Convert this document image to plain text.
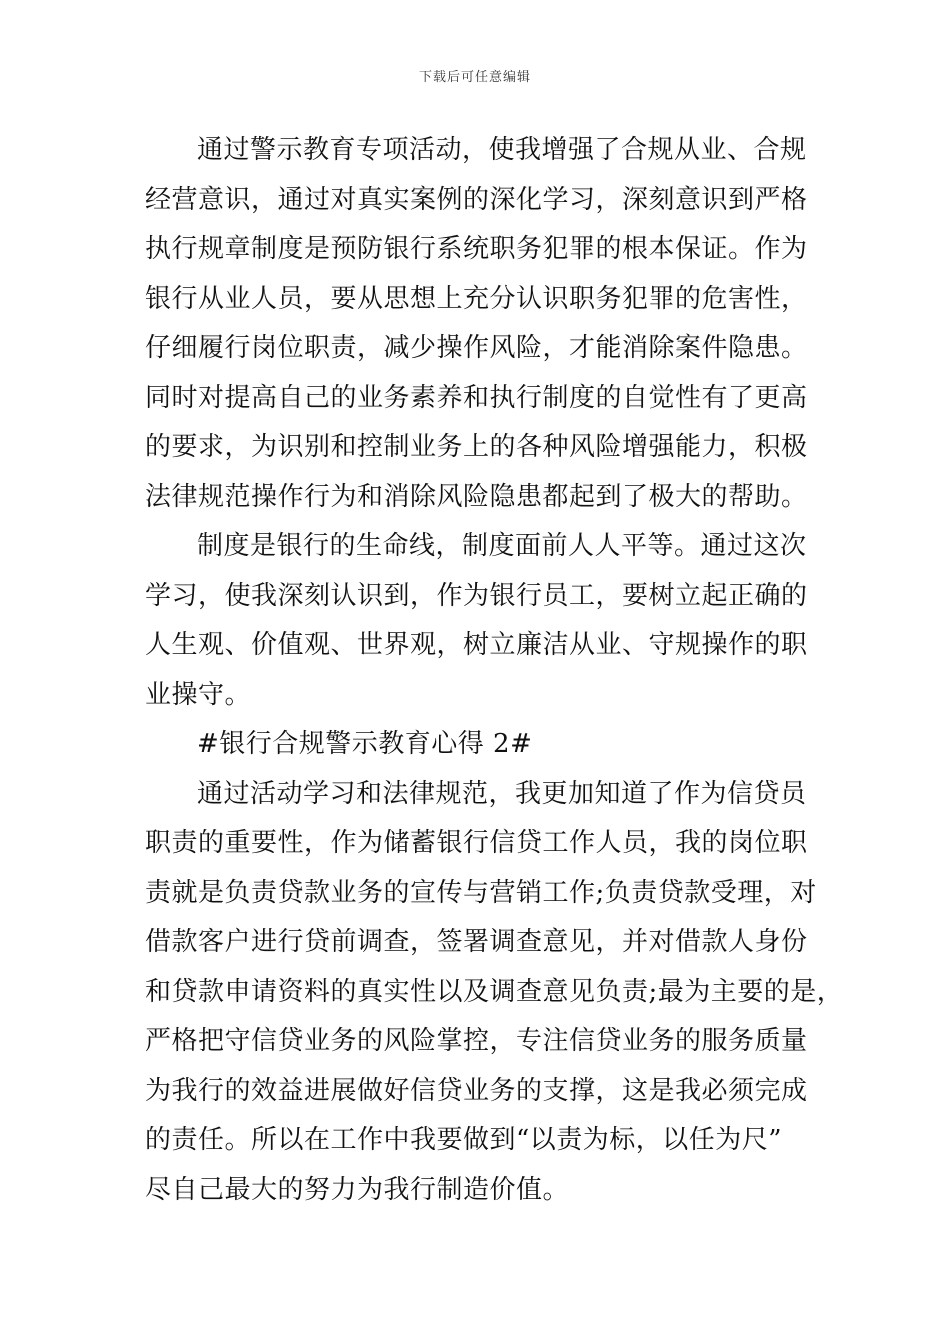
下载后可任意编辑
通过警示教育专项活动，使我增强了合规从业、合规
经营意识，通过对真实案例的深化学习，深刻意识到严格
执行规章制度是预防银行系统职务犯罪的根本保证。作为
银行从业人员，要从思想上充分认识职务犯罪的危害性，
仔细履行岗位职责，减少操作风险，才能消除案件隐患。
同时对提高自己的业务素养和执行制度的自觉性有了更高
的要求，为识别和控制业务上的各种风险增强能力，积极
法律规范操作行为和消除风险隐患都起到了极大的帮助。
制度是银行的生命线，制度面前人人平等。通过这次
学习，使我深刻认识到，作为银行员工，要树立起正确的
人生观、价值观、世界观，树立廉洁从业、守规操作的职
业操守。
#银行合规警示教育心得 2#
通过活动学习和法律规范，我更加知道了作为信贷员
职责的重要性，作为储蓄银行信贷工作人员，我的岗位职
责就是负责贷款业务的宣传与营销工作;负责贷款受理，对
借款客户进行贷前调查，签署调查意见，并对借款人身份
和贷款申请资料的真实性以及调查意见负责;最为主要的是，
严格把守信贷业务的风险掌控，专注信贷业务的服务质量
为我行的效益进展做好信贷业务的支撑，这是我必须完成
的责任。所以在工作中我要做到“以责为标，以任为尺”
尽自己最大的努力为我行制造价值。
